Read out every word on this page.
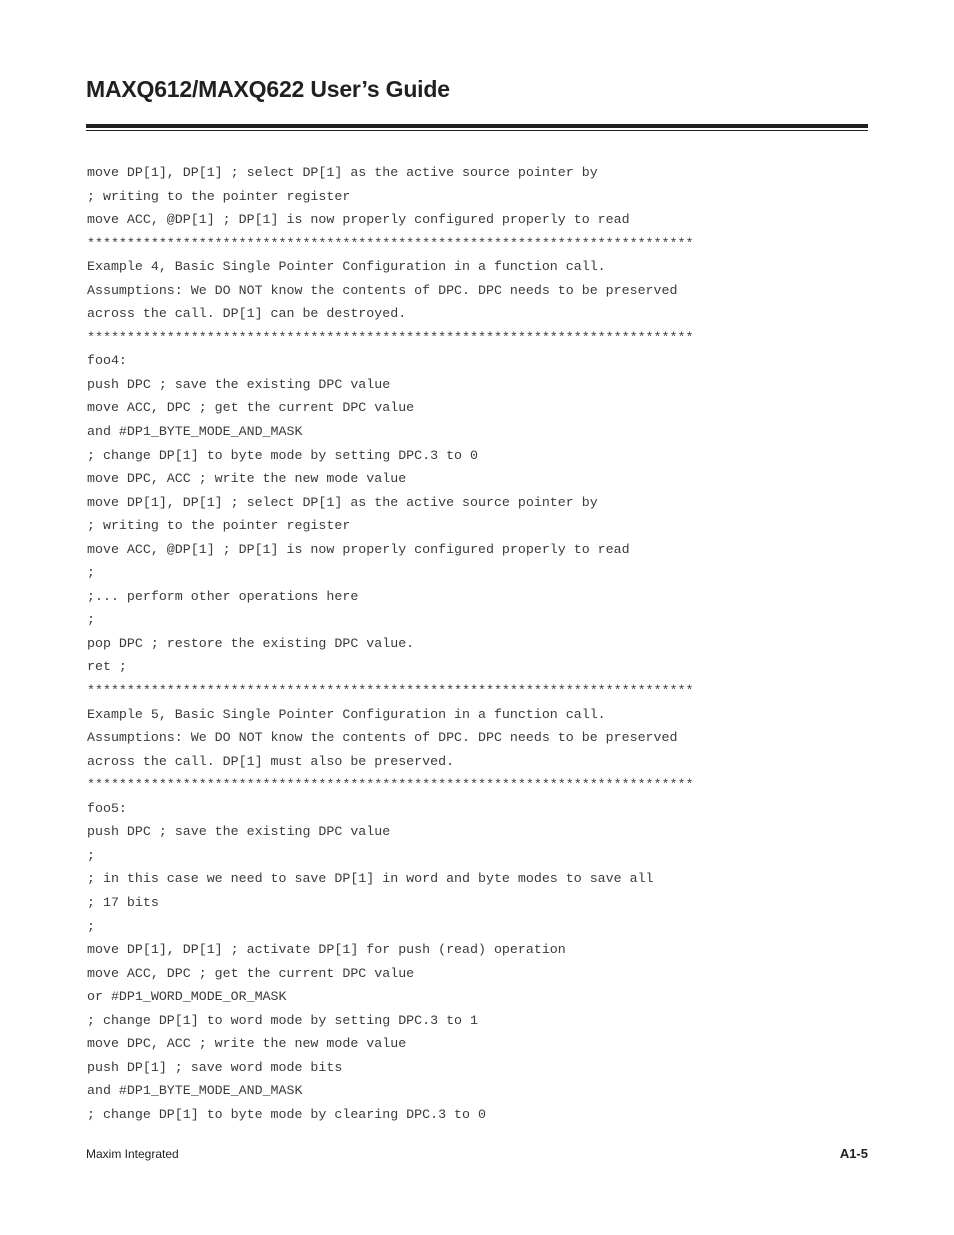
MAXQ612/MAXQ622 User’s Guide
move DP[1], DP[1] ; select DP[1] as the active source pointer by
; writing to the pointer register
move ACC, @DP[1] ; DP[1] is now properly configured properly to read
****************************************************************************
Example 4, Basic Single Pointer Configuration in a function call.
Assumptions: We DO NOT know the contents of DPC. DPC needs to be preserved
across the call. DP[1] can be destroyed.
****************************************************************************
foo4:
push DPC ; save the existing DPC value
move ACC, DPC ; get the current DPC value
and #DP1_BYTE_MODE_AND_MASK
; change DP[1] to byte mode by setting DPC.3 to 0
move DPC, ACC ; write the new mode value
move DP[1], DP[1] ; select DP[1] as the active source pointer by
; writing to the pointer register
move ACC, @DP[1] ; DP[1] is now properly configured properly to read
;
;... perform other operations here
;
pop DPC ; restore the existing DPC value.
ret ;
****************************************************************************
Example 5, Basic Single Pointer Configuration in a function call.
Assumptions: We DO NOT know the contents of DPC. DPC needs to be preserved
across the call. DP[1] must also be preserved.
****************************************************************************
foo5:
push DPC ; save the existing DPC value
;
; in this case we need to save DP[1] in word and byte modes to save all
; 17 bits
;
move DP[1], DP[1] ; activate DP[1] for push (read) operation
move ACC, DPC ; get the current DPC value
or #DP1_WORD_MODE_OR_MASK
; change DP[1] to word mode by setting DPC.3 to 1
move DPC, ACC ; write the new mode value
push DP[1] ; save word mode bits
and #DP1_BYTE_MODE_AND_MASK
; change DP[1] to byte mode by clearing DPC.3 to 0
Maxim Integrated	A1-5
